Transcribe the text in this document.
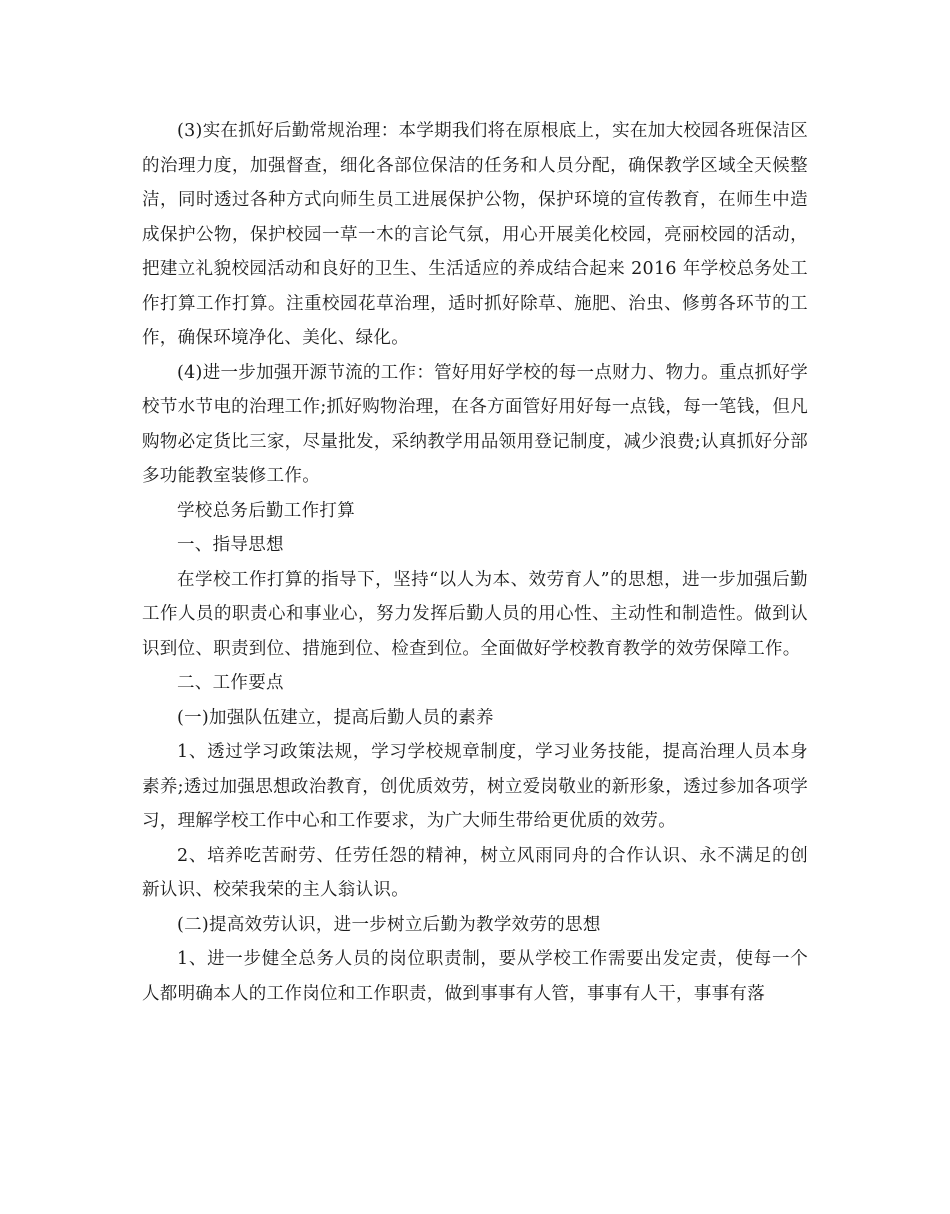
(3)实在抓好后勤常规治理：本学期我们将在原根底上，实在加大校园各班保洁区的治理力度，加强督查，细化各部位保洁的任务和人员分配，确保教学区域全天候整洁，同时透过各种方式向师生员工进展保护公物，保护环境的宣传教育，在师生中造成保护公物，保护校园一草一木的言论气氛，用心开展美化校园，亮丽校园的活动，把建立礼貌校园活动和良好的卫生、生活适应的养成结合起来 2016 年学校总务处工作打算工作打算。注重校园花草治理，适时抓好除草、施肥、治虫、修剪各环节的工作，确保环境净化、美化、绿化。

(4)进一步加强开源节流的工作：管好用好学校的每一点财力、物力。重点抓好学校节水节电的治理工作;抓好购物治理，在各方面管好用好每一点钱，每一笔钱，但凡购物必定货比三家，尽量批发，采纳教学用品领用登记制度，减少浪费;认真抓好分部多功能教室装修工作。

学校总务后勤工作打算

一、指导思想

在学校工作打算的指导下，坚持“以人为本、效劳育人”的思想，进一步加强后勤工作人员的职责心和事业心，努力发挥后勤人员的用心性、主动性和制造性。做到认识到位、职责到位、措施到位、检查到位。全面做好学校教育教学的效劳保障工作。

二、工作要点

(一)加强队伍建立，提高后勤人员的素养

1、透过学习政策法规，学习学校规章制度，学习业务技能，提高治理人员本身素养;透过加强思想政治教育，创优质效劳，树立爱岗敬业的新形象，透过参加各项学习，理解学校工作中心和工作要求，为广大师生带给更优质的效劳。

2、培养吃苦耐劳、任劳任怨的精神，树立风雨同舟的合作认识、永不满足的创新认识、校荣我荣的主人翁认识。

(二)提高效劳认识，进一步树立后勤为教学效劳的思想

1、进一步健全总务人员的岗位职责制，要从学校工作需要出发定责，使每一个人都明确本人的工作岗位和工作职责，做到事事有人管，事事有人干，事事有落
